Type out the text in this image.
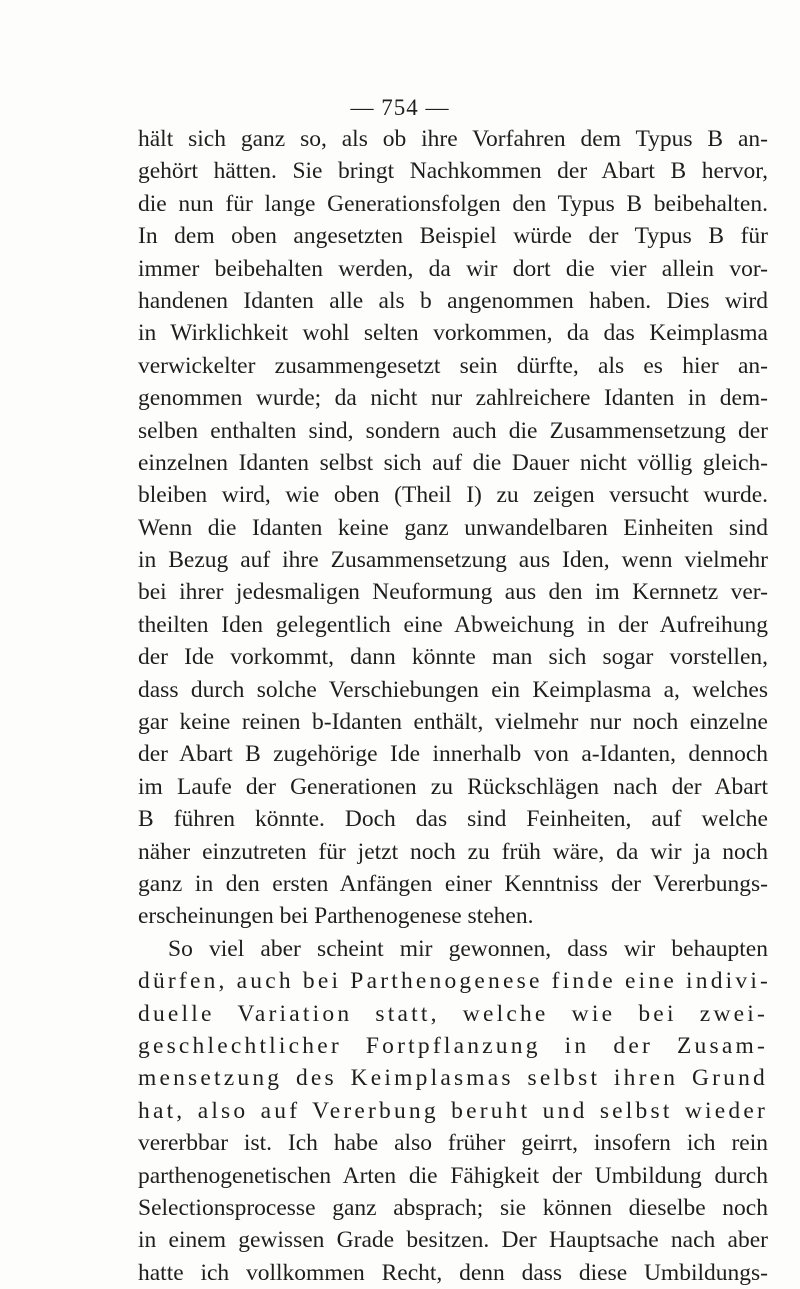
— 754 —
hält sich ganz so, als ob ihre Vorfahren dem Typus B an-
gehört hätten. Sie bringt Nachkommen der Abart B hervor,
die nun für lange Generationsfolgen den Typus B beibehalten.
In dem oben angesetzten Beispiel würde der Typus B für
immer beibehalten werden, da wir dort die vier allein vor-
handenen Idanten alle als b angenommen haben. Dies wird
in Wirklichkeit wohl selten vorkommen, da das Keimplasma
verwickelter zusammengesetzt sein dürfte, als es hier an-
genommen wurde; da nicht nur zahlreichere Idanten in dem-
selben enthalten sind, sondern auch die Zusammensetzung der
einzelnen Idanten selbst sich auf die Dauer nicht völlig gleich-
bleiben wird, wie oben (Theil I) zu zeigen versucht wurde.
Wenn die Idanten keine ganz unwandelbaren Einheiten sind
in Bezug auf ihre Zusammensetzung aus Iden, wenn vielmehr
bei ihrer jedesmaligen Neuformung aus den im Kernnetz ver-
theilten Iden gelegentlich eine Abweichung in der Aufreihung
der Ide vorkommt, dann könnte man sich sogar vorstellen,
dass durch solche Verschiebungen ein Keimplasma a, welches
gar keine reinen b-Idanten enthält, vielmehr nur noch einzelne
der Abart B zugehörige Ide innerhalb von a-Idanten, dennoch
im Laufe der Generationen zu Rückschlägen nach der Abart
B führen könnte. Doch das sind Feinheiten, auf welche
näher einzutreten für jetzt noch zu früh wäre, da wir ja noch
ganz in den ersten Anfängen einer Kenntniss der Vererbungs-
erscheinungen bei Parthenogenese stehen.
So viel aber scheint mir gewonnen, dass wir behaupten
dürfen, auch bei Parthenogenese finde eine indivi-
duelle Variation statt, welche wie bei zwei-
geschlechtlicher Fortpflanzung in der Zusam-
mensetzung des Keimplasmas selbst ihren Grund
hat, also auf Vererbung beruht und selbst wieder
vererbbar ist. Ich habe also früher geirrt, insofern ich rein
parthenogenetischen Arten die Fähigkeit der Umbildung durch
Selectionsprocesse ganz absprach; sie können dieselbe noch
in einem gewissen Grade besitzen. Der Hauptsache nach aber
hatte ich vollkommen Recht, denn dass diese Umbildungs-
